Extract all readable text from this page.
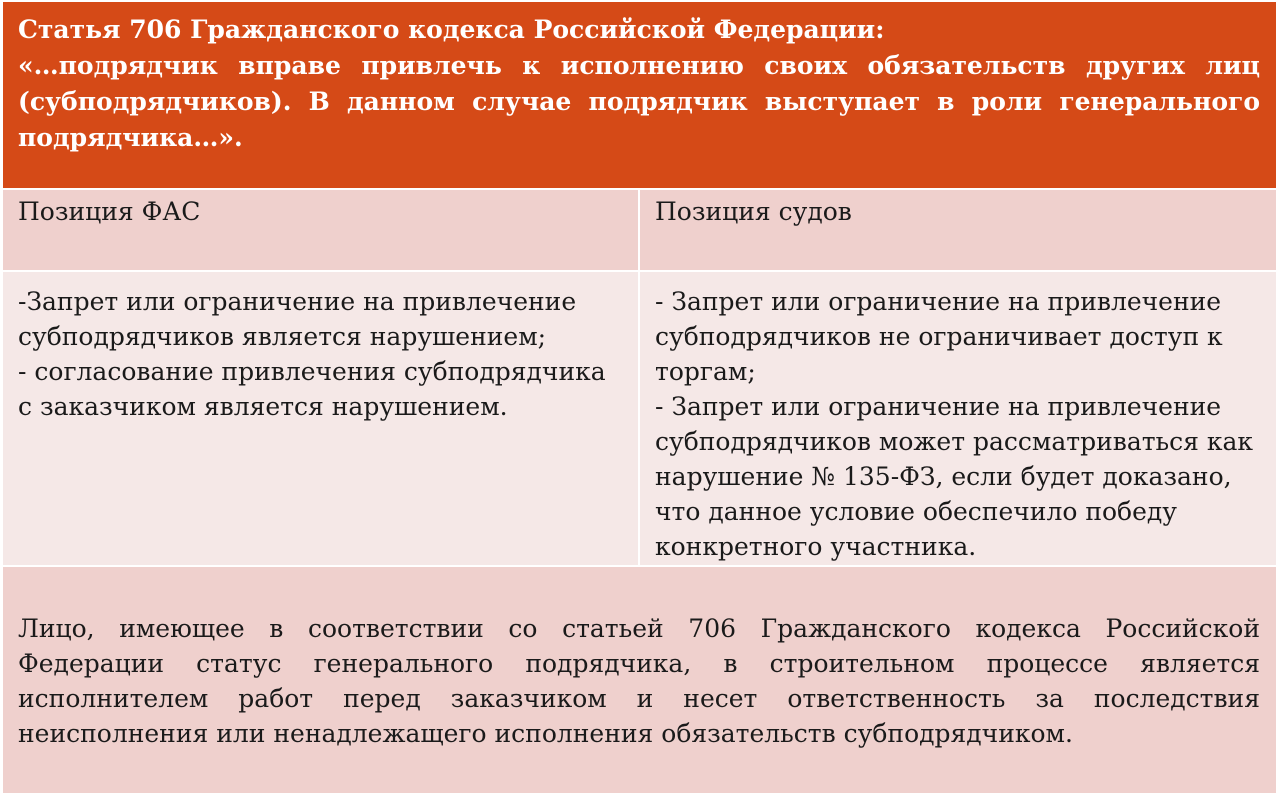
Статья 706 Гражданского кодекса Российской Федерации:
«…подрядчик вправе привлечь к исполнению своих обязательств других лиц (субподрядчиков). В данном случае подрядчик выступает в роли генерального подрядчика…».
Позиция ФАС	Позиция судов
-Запрет или ограничение на привлечение субподрядчиков является нарушением;
- согласование привлечения субподрядчика с заказчиком является нарушением.
- Запрет или ограничение на привлечение субподрядчиков не ограничивает доступ к торгам;
- Запрет или ограничение на привлечение субподрядчиков может рассматриваться как нарушение № 135-ФЗ, если будет доказано, что данное условие обеспечило победу конкретного участника.
Лицо, имеющее в соответствии со статьей 706 Гражданского кодекса Российской Федерации статус генерального подрядчика, в строительном процессе является исполнителем работ перед заказчиком и несет ответственность за последствия неисполнения или ненадлежащего исполнения обязательств субподрядчиком.
